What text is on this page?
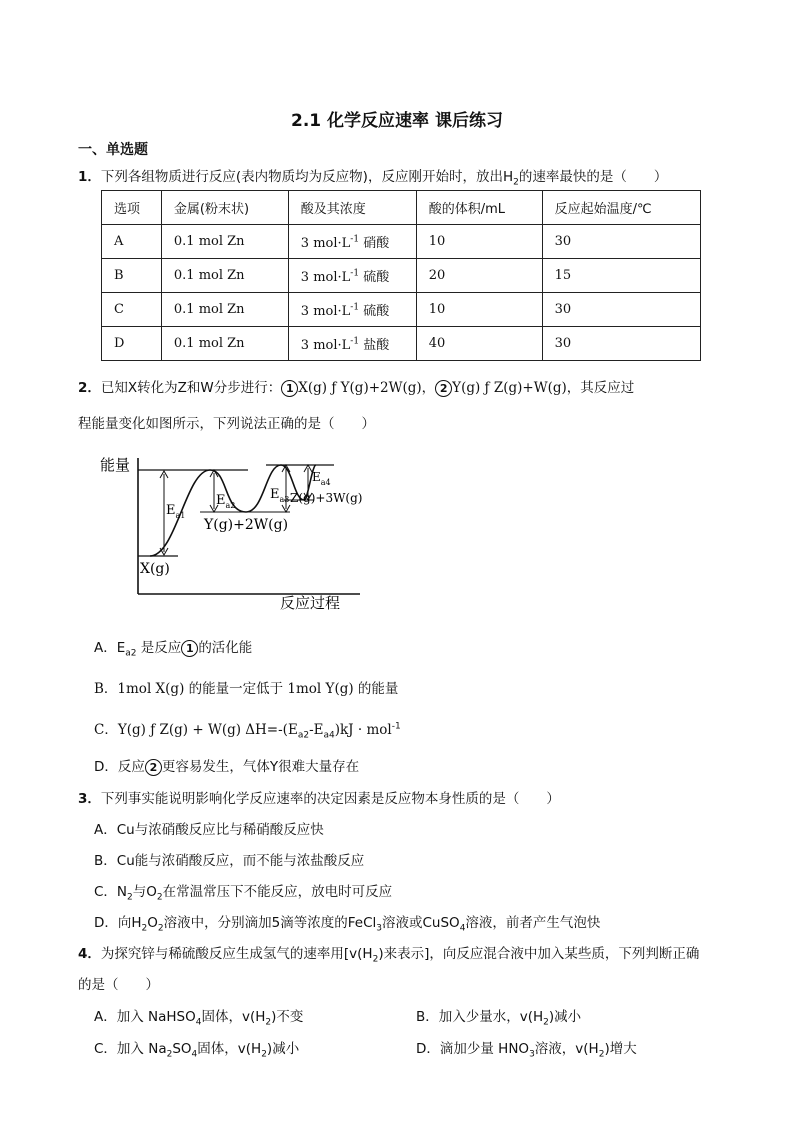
2.1 化学反应速率 课后练习
一、单选题
1．下列各组物质进行反应(表内物质均为反应物)，反应刚开始时，放出$H_2$的速率最快的是（　　）
选项	金属(粉末状)	酸及其浓度	酸的体积/mL	反应起始温度/℃
A	0.1 mol Zn	3 $mol\cdot L^{-1}$ 硝酸	10	30
B	0.1 mol Zn	3 $mol\cdot L^{-1}$ 硫酸	20	15
C	0.1 mol Zn	3 $mol\cdot L^{-1}$ 硫酸	10	30
D	0.1 mol Zn	3 $mol\cdot L^{-1}$ 盐酸	40	30
2．已知X转化为Z和W分步进行： 1 X(g) ƒ Y(g)+2W(g)， 2 Y(g) ƒ Z(g)+W(g)，其反应过
程能量变化如图所示，下列说法正确的是（　　）
能量
反应过程
X(g)
Y(g)+2W(g)
Z(g)+3W(g)
$E_{a1}$
$E_{a2}$
$E_{a3}$
$E_{a4}$
A．$E_{a2}$ 是反应 1 的活化能
B．1mol X(g) 的能量一定低于 1mol Y(g) 的能量
C．Y(g) ƒ Z(g) + W(g) $\Delta H=-(E_{a2}-E_{a4})kJ \cdot mol^{-1}$
D．反应 2 更容易发生，气体Y很难大量存在
3．下列事实能说明影响化学反应速率的决定因素是反应物本身性质的是（　　）
A．Cu与浓硝酸反应比与稀硝酸反应快
B．Cu能与浓硝酸反应，而不能与浓盐酸反应
C．$N_2$与$O_2$在常温常压下不能反应，放电时可反应
D．向$H_2O_2$溶液中，分别滴加5滴等浓度的FeCl$_3$溶液或CuSO$_4$溶液，前者产生气泡快
4．为探究锌与稀硫酸反应生成氢气的速率用[$v(H_2)$来表示]，向反应混合液中加入某些质，下列判断正确
的是（　　）
A．加入 NaHSO$_4$固体，$v(H_2)$不变	B．加入少量水，$v(H_2)$减小
C．加入 $Na_2SO_4$固体，$v(H_2)$减小	D．滴加少量 $HNO_3$溶液，$v(H_2)$增大
